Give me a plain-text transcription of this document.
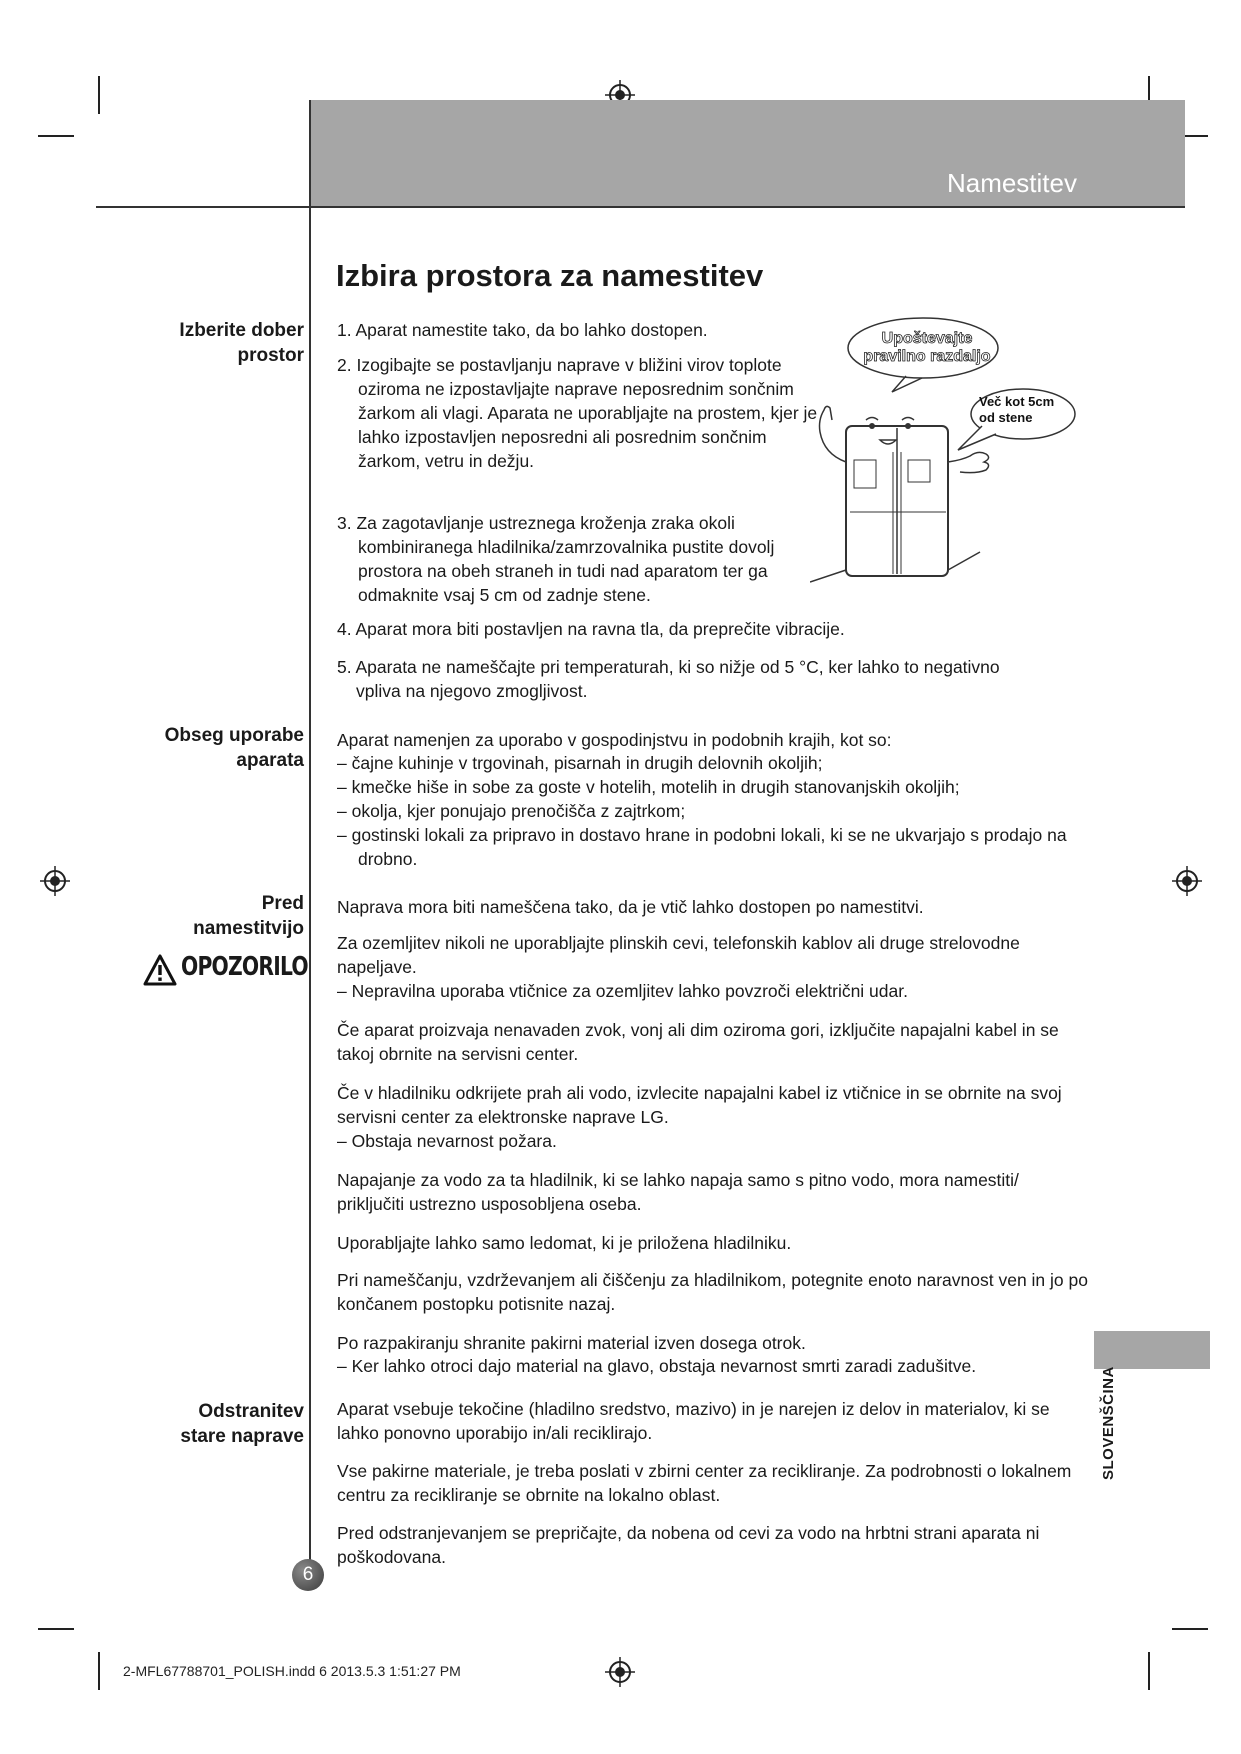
Namestitev
Izbira prostora za namestitev
Izberite dober
prostor
Obseg uporabe
aparata
Pred
namestitvijo
Odstranitev
stare naprave
OPOZORILO
1. Aparat namestite tako, da bo lahko dostopen.
2. Izogibajte se postavljanju naprave v bližini virov toplote oziroma ne izpostavljajte naprave neposrednim sončnim žarkom ali vlagi. Aparata ne uporabljajte na prostem, kjer je lahko izpostavljen neposredni ali posrednim sončnim žarkom, vetru in dežju.
3. Za zagotavljanje ustreznega kroženja zraka okoli kombiniranega hladilnika/zamrzovalnika pustite dovolj prostora na obeh straneh in tudi nad aparatom ter ga odmaknite vsaj 5 cm od zadnje stene.
4. Aparat mora biti postavljen na ravna tla, da preprečite vibracije.
5. Aparata ne nameščajte pri temperaturah, ki so nižje od 5 °C, ker lahko to negativno vpliva na njegovo zmogljivost.
Upoštevajte pravilno razdaljo
Več kot 5cm od stene
Aparat namenjen za uporabo v gospodinjstvu in podobnih krajih, kot so:
– čajne kuhinje v trgovinah, pisarnah in drugih delovnih okoljih;
– kmečke hiše in sobe za goste v hotelih, motelih in drugih stanovanjskih okoljih;
– okolja, kjer ponujajo prenočišča z zajtrkom;
– gostinski lokali za pripravo in dostavo hrane in podobni lokali, ki se ne ukvarjajo s prodajo na drobno.
Naprava mora biti nameščena tako, da je vtič lahko dostopen po namestitvi.
Za ozemljitev nikoli ne uporabljajte plinskih cevi, telefonskih kablov ali druge strelovodne napeljave.
– Nepravilna uporaba vtičnice za ozemljitev lahko povzroči električni udar.
Če aparat proizvaja nenavaden zvok, vonj ali dim oziroma gori, izključite napajalni kabel in se takoj obrnite na servisni center.
Če v hladilniku odkrijete prah ali vodo, izvlecite napajalni kabel iz vtičnice in se obrnite na svoj servisni center za elektronske naprave LG.
– Obstaja nevarnost požara.
Napajanje za vodo za ta hladilnik, ki se lahko napaja samo s pitno vodo, mora namestiti/ priključiti ustrezno usposobljena oseba.
Uporabljajte lahko samo ledomat, ki je priložena hladilniku.
Pri nameščanju, vzdrževanjem ali čiščenju za hladilnikom, potegnite enoto naravnost ven in jo po končanem postopku potisnite nazaj.
Po razpakiranju shranite pakirni material izven dosega otrok.
– Ker lahko otroci dajo material na glavo, obstaja nevarnost smrti zaradi zadušitve.
Aparat vsebuje tekočine (hladilno sredstvo, mazivo) in je narejen iz delov in materialov, ki se lahko ponovno uporabijo in/ali reciklirajo.
Vse pakirne materiale, je treba poslati v zbirni center za recikliranje. Za podrobnosti o lokalnem centru za recikliranje se obrnite na lokalno oblast.
Pred odstranjevanjem se prepričajte, da nobena od cevi za vodo na hrbtni strani aparata ni poškodovana.
SLOVENŠČINA
6
2-MFL67788701_POLISH.indd 6 2013.5.3 1:51:27 PM
